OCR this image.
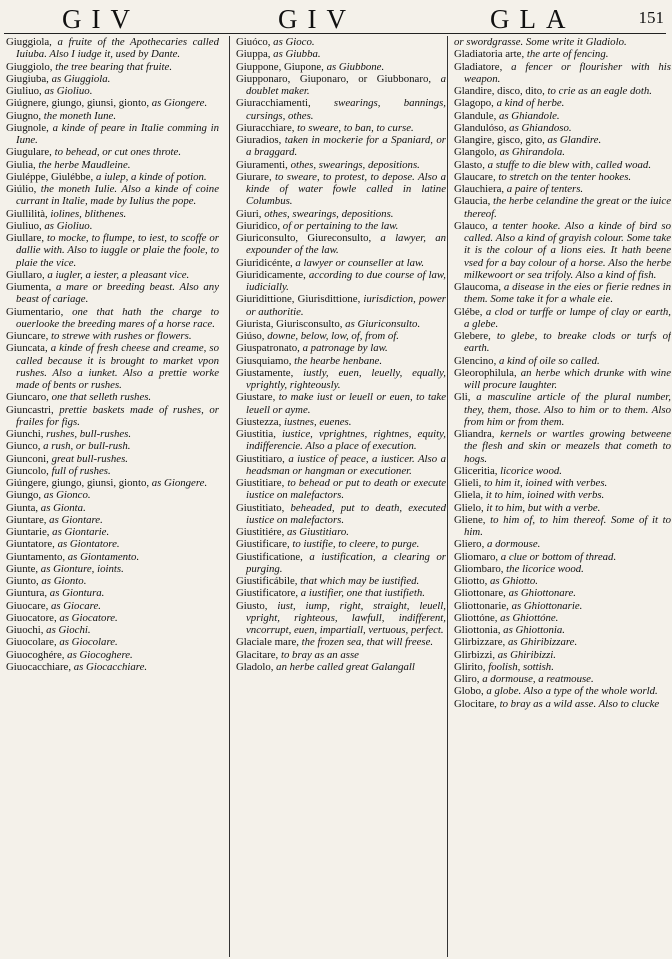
GIV	GIV	GLA	151
Giuggiola, a fruite of the Apothecaries called Iuiuba. Also I iudge it, used by Dante.
Giuggiolo, the tree bearing that fruite.
Giugiuba, as Giuggiola.
Giuliuo, as Gioliuo.
Giúgnere, giungo, giunsi, gionto, as Giongere.
Giugno, the moneth Iune.
Giugnole, a kinde of peare in Italie comming in Iune.
Giugulare, to behead, or cut ones throte.
Giulia, the herbe Maudleine.
Giuléppe, Giulébbe, a iulep, a kinde of potion.
Giúlio, the moneth Iulie. Also a kinde of coine currant in Italie, made by Iulius the pope.
Giullilità, iolines, blithenes.
Giuliuo, as Gioliuo.
Giullare, to mocke, to flumpe, to iest, to scoffe or dallie with. Also to iuggle or plaie the foole, to plaie the vice.
Giullaro, a iugler, a iester, a pleasant vice.
Giumenta, a mare or breeding beast. Also any beast of cariage.
Giumentario, one that hath the charge to ouerlooke the breeding mares of a horse race.
Giuncare, to strewe with rushes or flowers.
Giuncata, a kinde of fresh cheese and creame, so called because it is brought to market vpon rushes. Also a iunket. Also a prettie worke made of bents or rushes.
Giuncaro, one that selleth rushes.
Giuncastri, prettie baskets made of rushes, or frailes for figs.
Giunchi, rushes, bull-rushes.
Giunco, a rush, or bull-rush.
Giunconi, great bull-rushes.
Giuncolo, full of rushes.
Giúngere, giungo, giunsi, gionto, as Giongere.
Giungo, as Gionco.
Giunta, as Gionta.
Giuntare, as Giontare.
Giuntarie, as Giontarie.
Giuntatore, as Giontatore.
Giuntamento, as Giontamento.
Giunte, as Gionture, ioints.
Giunto, as Gionto.
Giuntura, as Giontura.
Giuocare, as Giocare.
Giuocatore, as Giocatore.
Giuochi, as Giochi.
Giuocolare, as Giocolare.
Giuocoghére, as Giocoghere.
Giuocacchiare, as Giocacchiare.
Giuóco, as Gioco.
Giuppa, as Giubba.
Giuppone, Giupone, as Giubbone.
Giupponaro, Giuponaro, or Giubbonaro, a doublet maker.
Giuracchiamenti, swearings, bannings, cursings, othes.
Giuracchiare, to sweare, to ban, to curse.
Giuradios, taken in mockerie for a Spaniard, or a braggard.
Giuramenti, othes, swearings, depositions.
Giurare, to sweare, to protest, to depose. Also a kinde of water fowle called in latine Columbus.
Giuri, othes, swearings, depositions.
Giuridico, of or pertaining to the law.
Giuriconsulto, Giureconsulto, a lawyer, an expounder of the law.
Giuridicénte, a lawyer or counseller at law.
Giuridicamente, according to due course of law, iudicially.
Giuridittione, Giurisdittione, iurisdiction, power or authoritie.
Giurista, Giurisconsulto, as Giuriconsulto.
Giúso, downe, below, low, of, from of.
Giuspatronato, a patronage by law.
Giusquiamo, the hearbe henbane.
Giustamente, iustly, euen, leuelly, equally, vprightly, righteously.
Giustare, to make iust or leuell or euen, to take leuell or ayme.
Giustezza, iustnes, euenes.
Giustitia, iustice, vprightnes, rightnes, equity, indifferencie. Also a place of execution.
Giustitiaro, a iustice of peace, a iusticer. Also a headsman or hangman or executioner.
Giustitiare, to behead or put to death or execute iustice on malefactors.
Giustitiato, beheaded, put to death, executed iustice on malefactors.
Giustitiére, as Giustitiaro.
Giustificare, to iustifie, to cleere, to purge.
Giustificatione, a iustification, a clearing or purging.
Giustificábile, that which may be iustified.
Giustificatore, a iustifier, one that iustifieth.
Giusto, iust, iump, right, straight, leuell, vpright, righteous, lawfull, indifferent, vncorrupt, euen, impartiall, vertuous, perfect.
Glaciale mare, the frozen sea, that will freese.
Glacitare, to bray as an asse
Gladolo, an herbe called great Galangall
or swordgrasse. Some write it Gladiolo.
Gladiatoria arte, the arte of fencing.
Gladiatore, a fencer or flourisher with his weapon.
Glandire, disco, dito, to crie as an eagle doth.
Glagopo, a kind of herbe.
Glandule, as Ghiandole.
Glandulóso, as Ghiandoso.
Glangire, gisco, gito, as Glandire.
Glangolo, as Ghirandola.
Glasto, a stuffe to die blew with, called woad.
Glaucare, to stretch on the tenter hookes.
Glauchiera, a paire of tenters.
Glaucia, the herbe celandine the great or the iuice thereof.
Glauco, a tenter hooke. Also a kinde of bird so called. Also a kind of grayish colour. Some take it is the colour of a lions eies. It hath beene vsed for a bay colour of a horse. Also the herbe milkewoort or sea trifoly. Also a kind of fish.
Glaucoma, a disease in the eies or fierie rednes in them. Some take it for a whale eie.
Glébe, a clod or turffe or lumpe of clay or earth, a glebe.
Glebere, to glebe, to breake clods or turfs of earth.
Glencino, a kind of oile so called.
Gleorophilula, an herbe which drunke with wine will procure laughter.
Gli, a masculine article of the plural number, they, them, those. Also to him or to them. Also from him or from them.
Gliandra, kernels or wartles growing betweene the flesh and skin or meazels that cometh to hogs.
Gliceritia, licorice wood.
Glieli, to him it, ioined with verbes.
Gliela, it to him, ioined with verbs.
Glielo, it to him, but with a verbe.
Gliene, to him of, to him thereof. Some of it to him.
Gliero, a dormouse.
Gliomaro, a clue or bottom of thread.
Gliombaro, the licorice wood.
Gliotto, as Ghiotto.
Gliottonare, as Ghiottonare.
Gliottonarie, as Ghiottonarie.
Gliottóne, as Ghiottóne.
Gliottonia, as Ghiottonia.
Glirbizzare, as Ghiribizzare.
Glirbizzi, as Ghiribizzi.
Glirito, foolish, sottish.
Gliro, a dormouse, a reatmouse.
Globo, a globe. Also a type of the whole world.
Glocitare, to bray as a wild asse. Also to clucke
